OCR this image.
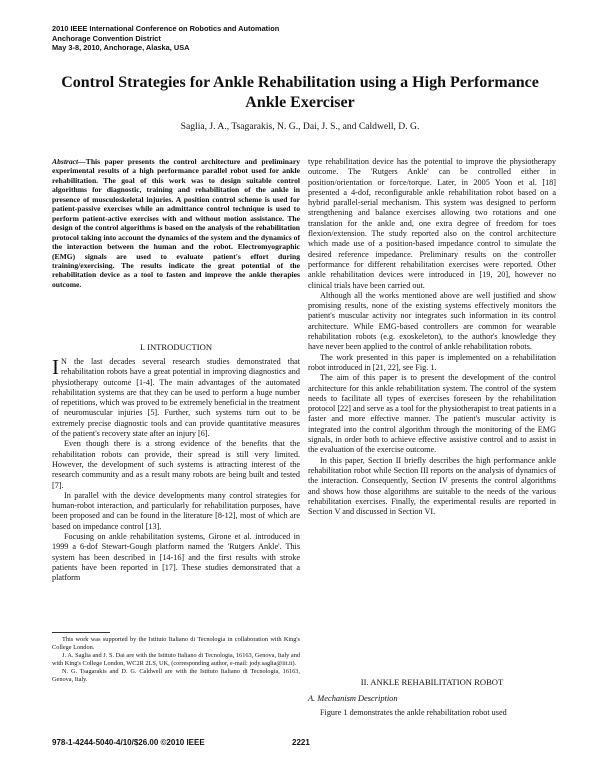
2010 IEEE International Conference on Robotics and Automation
Anchorage Convention District
May 3-8, 2010, Anchorage, Alaska, USA
Control Strategies for Ankle Rehabilitation using a High Performance Ankle Exerciser
Saglia, J. A., Tsagarakis, N. G., Dai, J. S., and Caldwell, D. G.
Abstract—This paper presents the control architecture and preliminary experimental results of a high performance parallel robot used for ankle rehabilitation. The goal of this work was to design suitable control algorithms for diagnostic, training and rehabilitation of the ankle in presence of musculoskeletal injuries. A position control scheme is used for patient-passive exercises while an admittance control technique is used to perform patient-active exercises with and without motion assistance. The design of the control algorithms is based on the analysis of the rehabilitation protocol taking into account the dynamics of the system and the dynamics of the interaction between the human and the robot. Electromyographic (EMG) signals are used to evaluate patient's effort during training/exercising. The results indicate the great potential of the rehabilitation device as a tool to fasten and improve the ankle therapies outcome.
I. INTRODUCTION

I N the last decades several research studies demonstrated that rehabilitation robots have a great potential in improving diagnostics and physiotherapy outcome [1-4]. The main advantages of the automated rehabilitation systems are that they can be used to perform a huge number of repetitions, which was proved to be extremely beneficial in the treatment of neuromuscular injuries [5]. Further, such systems turn out to be extremely precise diagnostic tools and can provide quantitative measures of the patient's recovery state after an injury [6].

Even though there is a strong evidence of the benefits that the rehabilitation robots can provide, their spread is still very limited. However, the development of such systems is attracting interest of the research community and as a result many robots are being built and tested [7].

In parallel with the device developments many control strategies for human-robot interaction, and particularly for rehabilitation purposes, have been proposed and can be found in the literature [8-12], most of which are based on impedance control [13].

Focusing on ankle rehabilitation systems, Girone et al. introduced in 1999 a 6-dof Stewart-Gough platform named the 'Rutgers Ankle'. This system has been described in [14-16] and the first results with stroke patients have been reported in [17]. These studies demonstrated that a platform

This work was supported by the Istituto Italiano di Tecnologia in collaboration with King's College London.

J. A. Saglia and J. S. Dai are with the Istituto Italiano di Tecnologia, 16163, Genova, Italy and with King's College London, WC2R 2LS, UK, (corresponding author, e-mail: jody.saglia@iit.it).

N. G. Tsagarakis and D. G. Caldwell are with the Istituto Italiano di Tecnologia, 16163, Genova, Italy.

type rehabilitation device has the potential to improve the physiotherapy outcome. The 'Rutgers Ankle' can be controlled either in position/orientation or force/torque. Later, in 2005 Yoon et al. [18] presented a 4-dof, reconfigurable ankle rehabilitation robot based on a hybrid parallel-serial mechanism. This system was designed to perform strengthening and balance exercises allowing two rotations and one translation for the ankle and, one extra degree of freedom for toes flexion/extension. The study reported also on the control architecture which made use of a position-based impedance control to simulate the desired reference impedance. Preliminary results on the controller performance for different rehabilitation exercises were reported. Other ankle rehabilitation devices were introduced in [19, 20], however no clinical trials have been carried out.

Although all the works mentioned above are well justified and show promising results, none of the existing systems effectively monitors the patient's muscular activity nor integrates such information in its control architecture. While EMG-based controllers are common for wearable rehabilitation robots (e.g. exoskeleton), to the author's knowledge they have never been applied to the control of ankle rehabilitation robots.

The work presented in this paper is implemented on a rehabilitation robot introduced in [21, 22], see Fig. 1.

The aim of this paper is to present the development of the control architecture for this ankle rehabilitation system. The control of the system needs to facilitate all types of exercises foreseen by the rehabilitation protocol [22] and serve as a tool for the physiotherapist to treat patients in a faster and more effective manner. The patient's muscular activity is integrated into the control algorithm through the monitoring of the EMG signals, in order both to achieve effective assistive control and to assist in the evaluation of the exercise outcome.

In this paper, Section II briefly describes the high performance ankle rehabilitation robot while Section III reports on the analysis of dynamics of the interaction. Consequently, Section IV presents the control algorithms and shows how those algorithms are suitable to the needs of the various rehabilitation exercises. Finally, the experimental results are reported in Section V and discussed in Section VI.

II. ANKLE REHABILITATION ROBOT
A. Mechanism Description

Figure 1 demonstrates the ankle rehabilitation robot used

978-1-4244-5040-4/10/$26.00 ©2010 IEEE	2221
